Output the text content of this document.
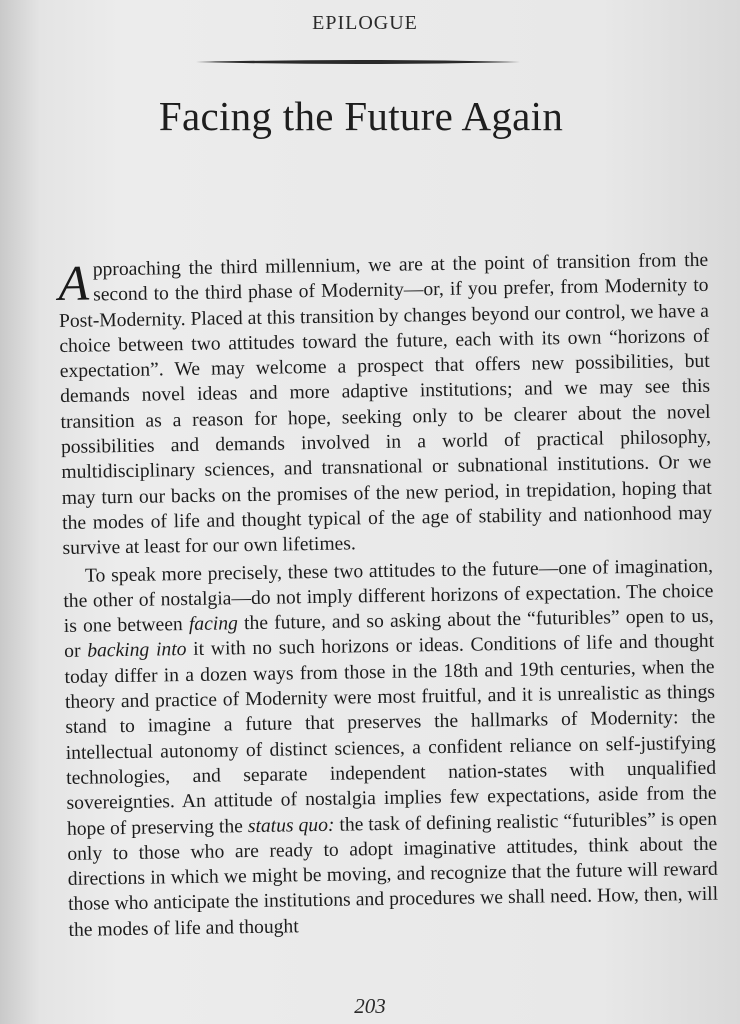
EPILOGUE
Facing the Future Again

Approaching the third millennium, we are at the point of transition from the second to the third phase of Modernity—or, if you prefer, from Modernity to Post-Modernity. Placed at this transition by changes beyond our control, we have a choice between two attitudes toward the future, each with its own “horizons of expectation”. We may welcome a prospect that offers new possibilities, but demands novel ideas and more adaptive institutions; and we may see this transition as a reason for hope, seeking only to be clearer about the novel possibilities and demands involved in a world of practical philosophy, multidisciplinary sciences, and transnational or subnational institutions. Or we may turn our backs on the promises of the new period, in trepidation, hoping that the modes of life and thought typical of the age of stability and nationhood may survive at least for our own lifetimes.

To speak more precisely, these two attitudes to the future—one of imagination, the other of nostalgia—do not imply different horizons of expectation. The choice is one between facing the future, and so asking about the “futuribles” open to us, or backing into it with no such horizons or ideas. Conditions of life and thought today differ in a dozen ways from those in the 18th and 19th centuries, when the theory and practice of Modernity were most fruitful, and it is unrealistic as things stand to imagine a future that preserves the hallmarks of Modernity: the intellectual autonomy of distinct sciences, a confident reliance on self-justifying technologies, and separate independent nation-states with unqualified sovereignties. An attitude of nostalgia implies few expectations, aside from the hope of preserving the status quo: the task of defining realistic “futuribles” is open only to those who are ready to adopt imaginative attitudes, think about the directions in which we might be moving, and recognize that the future will reward those who anticipate the institutions and procedures we shall need. How, then, will the modes of life and thought

203
